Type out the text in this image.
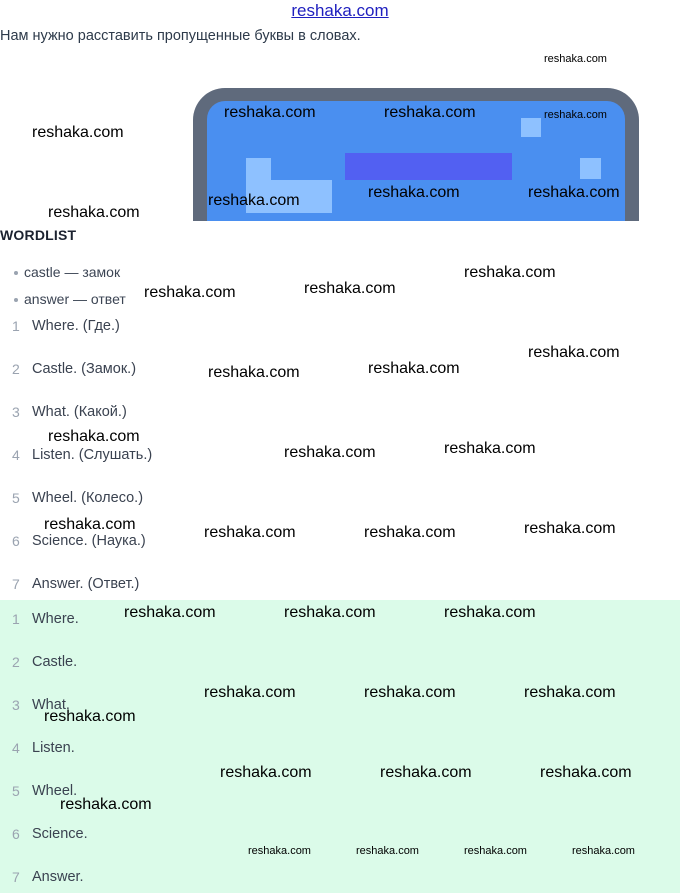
reshaka.com
Нам нужно расставить пропущенные буквы в словах.
WORDLIST
castle — замок
answer — ответ
1 Where. (Где.)
2 Castle. (Замок.)
3 What. (Какой.)
4 Listen. (Слушать.)
5 Wheel. (Колесо.)
6 Science. (Наука.)
7 Answer. (Ответ.)
1 Where.
2 Castle.
3 What.
4 Listen.
5 Wheel.
6 Science.
7 Answer.
reshaka.com
reshaka.com
reshaka.com	reshaka.com	reshaka.com
reshaka.com	reshaka.com
reshaka.com
reshaka.com
reshaka.com
reshaka.com
reshaka.com
reshaka.com
reshaka.com
reshaka.com
reshaka.com
reshaka.com
reshaka.com
reshaka.com	reshaka.com
reshaka.com	reshaka.com
reshaka.com	reshaka.com	reshaka.com
reshaka.com	reshaka.com	reshaka.com
reshaka.com
reshaka.com	reshaka.com	reshaka.com
reshaka.com
reshaka.com	reshaka.com	reshaka.com	reshaka.com
